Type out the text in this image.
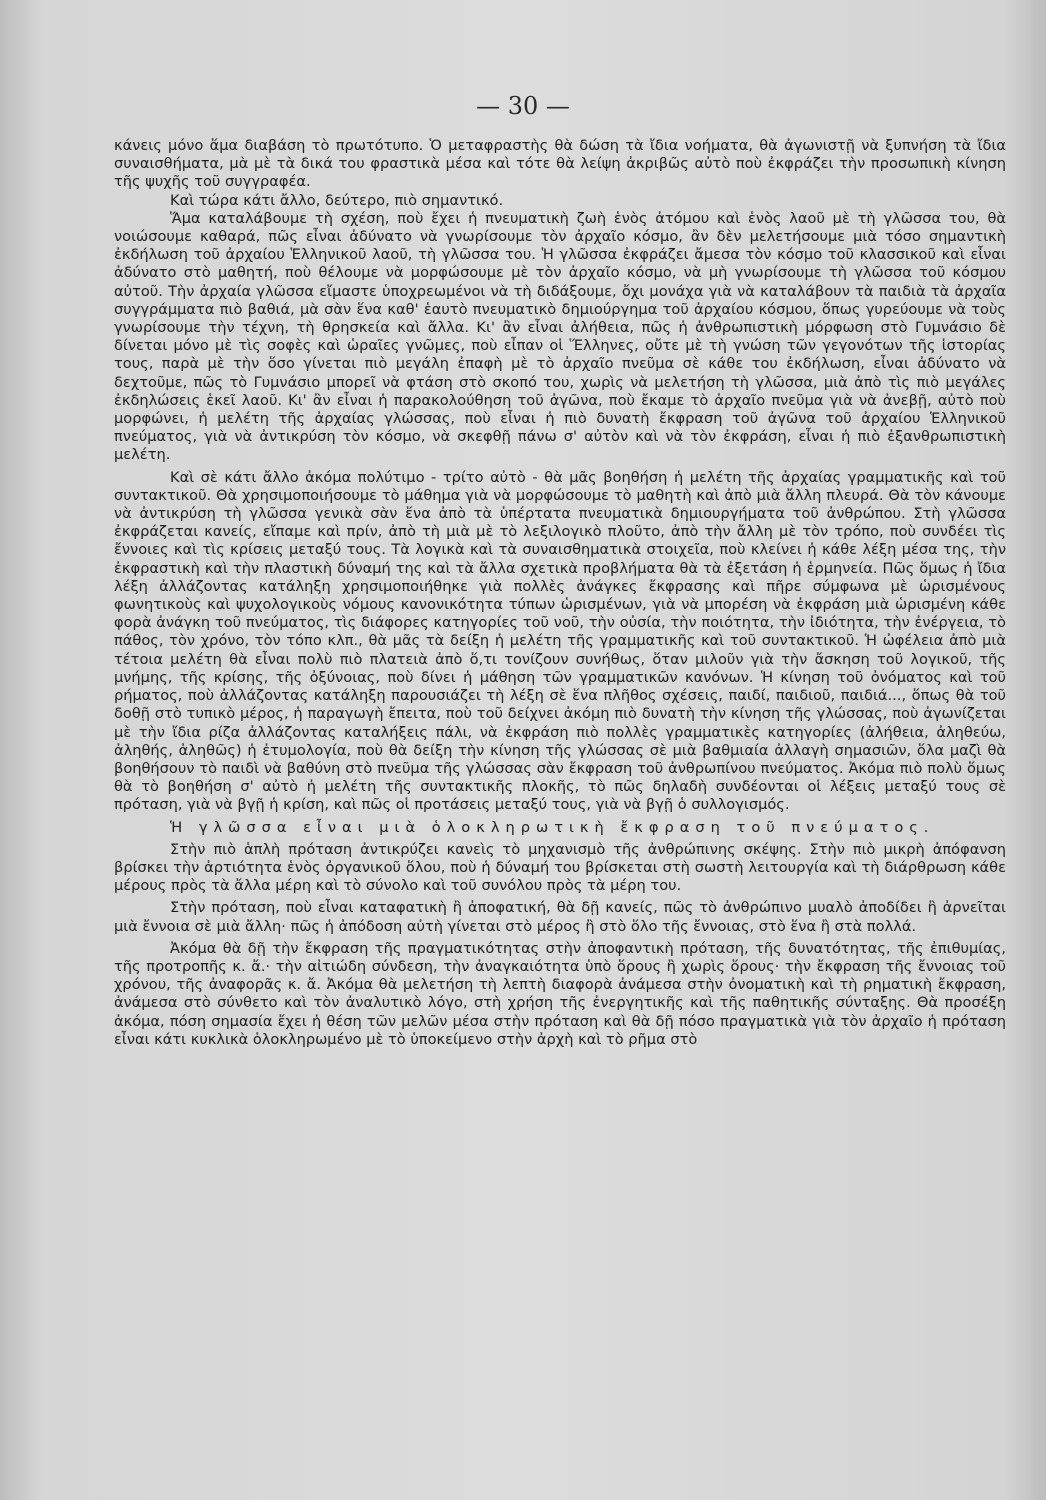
— 30 —

κάνεις μόνο ἅμα διαβάση τὸ πρωτότυπο. Ὁ μεταφραστὴς θὰ δώση τὰ ἴδια νοήματα, θὰ ἀγωνιστῇ νὰ ξυπνήση τὰ ἴδια συναισθήματα, μὰ μὲ τὰ δικά του φραστικὰ μέσα καὶ τότε θὰ λείψη ἀκριβῶς αὐτὸ ποὺ ἐκφράζει τὴν προσωπικὴ κίνηση τῆς ψυχῆς τοῦ συγγραφέα.

Καὶ τώρα κάτι ἄλλο, δεύτερο, πιὸ σημαντικό.

Ἅμα καταλάβουμε τὴ σχέση, ποὺ ἔχει ἡ πνευματικὴ ζωὴ ἑνὸς ἀτόμου καὶ ἑνὸς λαοῦ μὲ τὴ γλῶσσα του, θὰ νοιώσουμε καθαρά, πῶς εἶναι ἀδύνατο νὰ γνωρίσουμε τὸν ἀρχαῖο κόσμο, ἂν δὲν μελετήσουμε μιὰ τόσο σημαντικὴ ἐκδήλωση τοῦ ἀρχαίου Ἑλληνικοῦ λαοῦ, τὴ γλῶσσα του. Ἡ γλῶσσα ἐκφράζει ἄμεσα τὸν κόσμο τοῦ κλασσικοῦ καὶ εἶναι ἀδύνατο στὸ μαθητή, ποὺ θέλουμε νὰ μορφώσουμε μὲ τὸν ἀρχαῖο κόσμο, νὰ μὴ γνωρίσουμε τὴ γλῶσσα τοῦ κόσμου αὐτοῦ. Τὴν ἀρχαία γλῶσσα εἴμαστε ὑποχρεωμένοι νὰ τὴ διδάξουμε, ὄχι μονάχα γιὰ νὰ καταλάβουν τὰ παιδιὰ τὰ ἀρχαῖα συγγράμματα πιὸ βαθιά, μὰ σὰν ἕνα καθ' ἑαυτὸ πνευματικὸ δημιούργημα τοῦ ἀρχαίου κόσμου, ὅπως γυρεύουμε νὰ τοὺς γνωρίσουμε τὴν τέχνη, τὴ θρησκεία καὶ ἄλλα. Κι' ἂν εἶναι ἀλήθεια, πῶς ἡ ἀνθρωπιστικὴ μόρφωση στὸ Γυμνάσιο δὲ δίνεται μόνο μὲ τὶς σοφὲς καὶ ὡραῖες γνῶμες, ποὺ εἶπαν οἱ Ἕλληνες, οὔτε μὲ τὴ γνώση τῶν γεγονότων τῆς ἱστορίας τους, παρὰ μὲ τὴν ὅσο γίνεται πιὸ μεγάλη ἐπαφὴ μὲ τὸ ἀρχαῖο πνεῦμα σὲ κάθε του ἐκδήλωση, εἶναι ἀδύνατο νὰ δεχτοῦμε, πῶς τὸ Γυμνάσιο μπορεῖ νὰ φτάση στὸ σκοπό του, χωρὶς νὰ μελετήση τὴ γλῶσσα, μιὰ ἀπὸ τὶς πιὸ μεγάλες ἐκδηλώσεις ἑκεῖ λαοῦ. Κι' ἂν εἶναι ἡ παρακολούθηση τοῦ ἀγῶνα, ποὺ ἔκαμε τὸ ἀρχαῖο πνεῦμα γιὰ νὰ ἀνεβῇ, αὐτὸ ποὺ μορφώνει, ἡ μελέτη τῆς ἀρχαίας γλώσσας, ποὺ εἶναι ἡ πιὸ δυνατὴ ἔκφραση τοῦ ἀγῶνα τοῦ ἀρχαίου Ἑλληνικοῦ πνεύματος, γιὰ νὰ ἀντικρύση τὸν κόσμο, νὰ σκεφθῇ πάνω σ' αὐτὸν καὶ νὰ τὸν ἐκφράση, εἶναι ἡ πιὸ ἐξανθρωπιστικὴ μελέτη.

Καὶ σὲ κάτι ἄλλο ἀκόμα πολύτιμο - τρίτο αὐτὸ - θὰ μᾶς βοηθήση ἡ μελέτη τῆς ἀρχαίας γραμματικῆς καὶ τοῦ συντακτικοῦ. Θὰ χρησιμοποιήσουμε τὸ μάθημα γιὰ νὰ μορφώσουμε τὸ μαθητὴ καὶ ἀπὸ μιὰ ἄλλη πλευρά. Θὰ τὸν κάνουμε νὰ ἀντικρύση τὴ γλῶσσα γενικὰ σὰν ἕνα ἀπὸ τὰ ὑπέρτατα πνευματικὰ δημιουργήματα τοῦ ἀνθρώπου. Στὴ γλῶσσα ἐκφράζεται κανείς, εἴπαμε καὶ πρίν, ἀπὸ τὴ μιὰ μὲ τὸ λεξιλογικὸ πλοῦτο, ἀπὸ τὴν ἄλλη μὲ τὸν τρόπο, ποὺ συνδέει τὶς ἔννοιες καὶ τὶς κρίσεις μεταξύ τους. Τὰ λογικὰ καὶ τὰ συναισθηματικὰ στοιχεῖα, ποὺ κλείνει ἡ κάθε λέξη μέσα της, τὴν ἐκφραστικὴ καὶ τὴν πλαστικὴ δύναμή της καὶ τὰ ἄλλα σχετικὰ προβλήματα θὰ τὰ ἐξετάση ἡ ἑρμηνεία. Πῶς ὅμως ἡ ἴδια λέξη ἀλλάζοντας κατάληξη χρησιμοποιήθηκε γιὰ πολλὲς ἀνάγκες ἔκφρασης καὶ πῆρε σύμφωνα μὲ ὡρισμένους φωνητικοὺς καὶ ψυχολογικοὺς νόμους κανονικότητα τύπων ὡρισμένων, γιὰ νὰ μπορέση νὰ ἐκφράση μιὰ ὡρισμένη κάθε φορὰ ἀνάγκη τοῦ πνεύματος, τὶς διάφορες κατηγορίες τοῦ νοῦ, τὴν οὐσία, τὴν ποιότητα, τὴν ἰδιότητα, τὴν ἐνέργεια, τὸ πάθος, τὸν χρόνο, τὸν τόπο κλπ., θὰ μᾶς τὰ δείξη ἡ μελέτη τῆς γραμματικῆς καὶ τοῦ συντακτικοῦ. Ἡ ὠφέλεια ἀπὸ μιὰ τέτοια μελέτη θὰ εἶναι πολὺ πιὸ πλατειὰ ἀπὸ ὅ,τι τονίζουν συνήθως, ὅταν μιλοῦν γιὰ τὴν ἄσκηση τοῦ λογικοῦ, τῆς μνήμης, τῆς κρίσης, τῆς ὀξύνοιας, ποὺ δίνει ἡ μάθηση τῶν γραμματικῶν κανόνων. Ἡ κίνηση τοῦ ὀνόματος καὶ τοῦ ρήματος, ποὺ ἀλλάζοντας κατάληξη παρουσιάζει τὴ λέξη σὲ ἕνα πλῆθος σχέσεις, παιδί, παιδιοῦ, παιδιά..., ὅπως θὰ τοῦ δοθῇ στὸ τυπικὸ μέρος, ἡ παραγωγὴ ἔπειτα, ποὺ τοῦ δείχνει ἀκόμη πιὸ δυνατὴ τὴν κίνηση τῆς γλώσσας, ποὺ ἀγωνίζεται μὲ τὴν ἴδια ρίζα ἀλλάζοντας καταλήξεις πάλι, νὰ ἐκφράση πιὸ πολλὲς γραμματικὲς κατηγορίες (ἀλήθεια, ἀληθεύω, ἀληθής, ἀληθῶς) ἡ ἐτυμολογία, ποὺ θὰ δείξη τὴν κίνηση τῆς γλώσσας σὲ μιὰ βαθμιαία ἀλλαγὴ σημασιῶν, ὅλα μαζὶ θὰ βοηθήσουν τὸ παιδὶ νὰ βαθύνη στὸ πνεῦμα τῆς γλώσσας σὰν ἔκφραση τοῦ ἀνθρωπίνου πνεύματος. Ἀκόμα πιὸ πολὺ ὅμως θὰ τὸ βοηθήση σ' αὐτὸ ἡ μελέτη τῆς συντακτικῆς πλοκῆς, τὸ πῶς δηλαδὴ συνδέονται οἱ λέξεις μεταξύ τους σὲ πρόταση, γιὰ νὰ βγῇ ἡ κρίση, καὶ πῶς οἱ προτάσεις μεταξύ τους, γιὰ νὰ βγῇ ὁ συλλογισμός.

Ἡ γλῶσσα εἶναι μιὰ ὁλοκληρωτικὴ ἔκφραση τοῦ πνεύματος.

Στὴν πιὸ ἁπλὴ πρόταση ἀντικρύζει κανεὶς τὸ μηχανισμὸ τῆς ἀνθρώπινης σκέψης. Στὴν πιὸ μικρὴ ἀπόφανση βρίσκει τὴν ἀρτιότητα ἑνὸς ὀργανικοῦ ὅλου, ποὺ ἡ δύναμή του βρίσκεται στὴ σωστὴ λειτουργία καὶ τὴ διάρθρωση κάθε μέρους πρὸς τὰ ἄλλα μέρη καὶ τὸ σύνολο καὶ τοῦ συνόλου πρὸς τὰ μέρη του.

Στὴν πρόταση, ποὺ εἶναι καταφατικὴ ἢ ἀποφατική, θὰ δῇ κανείς, πῶς τὸ ἀνθρώπινο μυαλὸ ἀποδίδει ἢ ἀρνεῖται μιὰ ἔννοια σὲ μιὰ ἄλλη· πῶς ἡ ἀπόδοση αὐτὴ γίνεται στὸ μέρος ἢ στὸ ὅλο τῆς ἔννοιας, στὸ ἕνα ἢ στὰ πολλά.

Ἀκόμα θὰ δῇ τὴν ἔκφραση τῆς πραγματικότητας στὴν ἀποφαντικὴ πρόταση, τῆς δυνατότητας, τῆς ἐπιθυμίας, τῆς προτροπῆς κ. ἄ.· τὴν αἰτιώδη σύνδεση, τὴν ἀναγκαιότητα ὑπὸ ὅρους ἢ χωρὶς ὅρους· τὴν ἔκφραση τῆς ἔννοιας τοῦ χρόνου, τῆς ἀναφορᾶς κ. ἄ. Ἀκόμα θὰ μελετήση τὴ λεπτὴ διαφορὰ ἀνάμεσα στὴν ὀνοματικὴ καὶ τὴ ρηματικὴ ἔκφραση, ἀνάμεσα στὸ σύνθετο καὶ τὸν ἀναλυτικὸ λόγο, στὴ χρήση τῆς ἐνεργητικῆς καὶ τῆς παθητικῆς σύνταξης. Θὰ προσέξη ἀκόμα, πόση σημασία ἔχει ἡ θέση τῶν μελῶν μέσα στὴν πρόταση καὶ θὰ δῇ πόσο πραγματικὰ γιὰ τὸν ἀρχαῖο ἡ πρόταση εἶναι κάτι κυκλικὰ ὁλοκληρωμένο μὲ τὸ ὑποκείμενο στὴν ἀρχὴ καὶ τὸ ρῆμα στὸ
